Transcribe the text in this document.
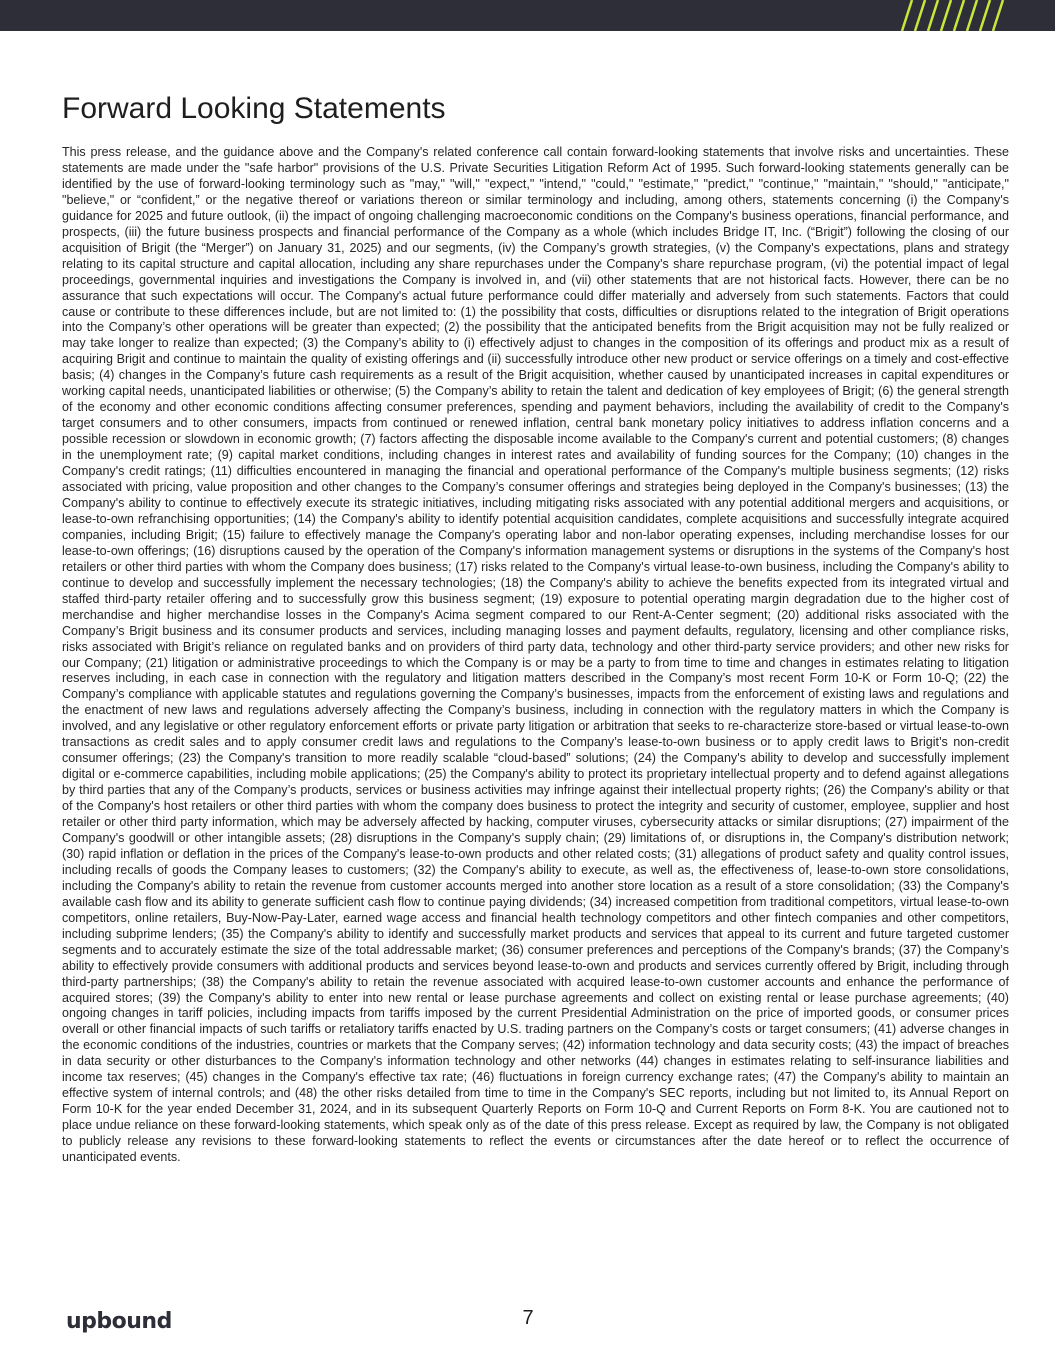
Forward Looking Statements

This press release, and the guidance above and the Company's related conference call contain forward-looking statements that involve risks and uncertainties. These statements are made under the "safe harbor" provisions of the U.S. Private Securities Litigation Reform Act of 1995. Such forward-looking statements generally can be identified by the use of forward-looking terminology such as "may," "will," "expect," "intend," "could," "estimate," "predict," "continue," "maintain," "should," "anticipate," "believe," or “confident,” or the negative thereof or variations thereon or similar terminology and including, among others, statements concerning (i) the Company's guidance for 2025 and future outlook, (ii) the impact of ongoing challenging macroeconomic conditions on the Company's business operations, financial performance, and prospects, (iii) the future business prospects and financial performance of the Company as a whole (which includes Bridge IT, Inc. (“Brigit”) following the closing of our acquisition of Brigit (the “Merger”) on January 31, 2025) and our segments, (iv) the Company’s growth strategies, (v) the Company's expectations, plans and strategy relating to its capital structure and capital allocation, including any share repurchases under the Company's share repurchase program, (vi) the potential impact of legal proceedings, governmental inquiries and investigations the Company is involved in, and (vii) other statements that are not historical facts. However, there can be no assurance that such expectations will occur. The Company's actual future performance could differ materially and adversely from such statements. Factors that could cause or contribute to these differences include, but are not limited to: (1) the possibility that costs, difficulties or disruptions related to the integration of Brigit operations into the Company’s other operations will be greater than expected; (2) the possibility that the anticipated benefits from the Brigit acquisition may not be fully realized or may take longer to realize than expected; (3) the Company’s ability to (i) effectively adjust to changes in the composition of its offerings and product mix as a result of acquiring Brigit and continue to maintain the quality of existing offerings and (ii) successfully introduce other new product or service offerings on a timely and cost-effective basis; (4) changes in the Company’s future cash requirements as a result of the Brigit acquisition, whether caused by unanticipated increases in capital expenditures or working capital needs, unanticipated liabilities or otherwise; (5) the Company’s ability to retain the talent and dedication of key employees of Brigit; (6) the general strength of the economy and other economic conditions affecting consumer preferences, spending and payment behaviors, including the availability of credit to the Company's target consumers and to other consumers, impacts from continued or renewed inflation, central bank monetary policy initiatives to address inflation concerns and a possible recession or slowdown in economic growth; (7) factors affecting the disposable income available to the Company's current and potential customers; (8) changes in the unemployment rate; (9) capital market conditions, including changes in interest rates and availability of funding sources for the Company; (10) changes in the Company's credit ratings; (11) difficulties encountered in managing the financial and operational performance of the Company's multiple business segments; (12) risks associated with pricing, value proposition and other changes to the Company’s consumer offerings and strategies being deployed in the Company's businesses; (13) the Company's ability to continue to effectively execute its strategic initiatives, including mitigating risks associated with any potential additional mergers and acquisitions, or lease-to-own refranchising opportunities; (14) the Company's ability to identify potential acquisition candidates, complete acquisitions and successfully integrate acquired companies, including Brigit; (15) failure to effectively manage the Company's operating labor and non-labor operating expenses, including merchandise losses for our lease-to-own offerings; (16) disruptions caused by the operation of the Company's information management systems or disruptions in the systems of the Company's host retailers or other third parties with whom the Company does business; (17) risks related to the Company's virtual lease-to-own business, including the Company's ability to continue to develop and successfully implement the necessary technologies; (18) the Company's ability to achieve the benefits expected from its integrated virtual and staffed third-party retailer offering and to successfully grow this business segment; (19) exposure to potential operating margin degradation due to the higher cost of merchandise and higher merchandise losses in the Company's Acima segment compared to our Rent-A-Center segment; (20) additional risks associated with the Company’s Brigit business and its consumer products and services, including managing losses and payment defaults, regulatory, licensing and other compliance risks, risks associated with Brigit’s reliance on regulated banks and on providers of third party data, technology and other third-party service providers; and other new risks for our Company; (21) litigation or administrative proceedings to which the Company is or may be a party to from time to time and changes in estimates relating to litigation reserves including, in each case in connection with the regulatory and litigation matters described in the Company’s most recent Form 10-K or Form 10-Q; (22) the Company’s compliance with applicable statutes and regulations governing the Company’s businesses, impacts from the enforcement of existing laws and regulations and the enactment of new laws and regulations adversely affecting the Company’s business, including in connection with the regulatory matters in which the Company is involved, and any legislative or other regulatory enforcement efforts or private party litigation or arbitration that seeks to re-characterize store-based or virtual lease-to-own transactions as credit sales and to apply consumer credit laws and regulations to the Company’s lease-to-own business or to apply credit laws to Brigit’s non-credit consumer offerings; (23) the Company's transition to more readily scalable “cloud-based” solutions; (24) the Company's ability to develop and successfully implement digital or e-commerce capabilities, including mobile applications; (25) the Company's ability to protect its proprietary intellectual property and to defend against allegations by third parties that any of the Company’s products, services or business activities may infringe against their intellectual property rights; (26) the Company's ability or that of the Company's host retailers or other third parties with whom the company does business to protect the integrity and security of customer, employee, supplier and host retailer or other third party information, which may be adversely affected by hacking, computer viruses, cybersecurity attacks or similar disruptions; (27) impairment of the Company's goodwill or other intangible assets; (28) disruptions in the Company's supply chain; (29) limitations of, or disruptions in, the Company's distribution network; (30) rapid inflation or deflation in the prices of the Company's lease-to-own products and other related costs; (31) allegations of product safety and quality control issues, including recalls of goods the Company leases to customers; (32) the Company's ability to execute, as well as, the effectiveness of, lease-to-own store consolidations, including the Company's ability to retain the revenue from customer accounts merged into another store location as a result of a store consolidation; (33) the Company's available cash flow and its ability to generate sufficient cash flow to continue paying dividends; (34) increased competition from traditional competitors, virtual lease-to-own competitors, online retailers, Buy-Now-Pay-Later, earned wage access and financial health technology competitors and other fintech companies and other competitors, including subprime lenders; (35) the Company's ability to identify and successfully market products and services that appeal to its current and future targeted customer segments and to accurately estimate the size of the total addressable market; (36) consumer preferences and perceptions of the Company's brands; (37) the Company’s ability to effectively provide consumers with additional products and services beyond lease-to-own and products and services currently offered by Brigit, including through third-party partnerships; (38) the Company's ability to retain the revenue associated with acquired lease-to-own customer accounts and enhance the performance of acquired stores; (39) the Company's ability to enter into new rental or lease purchase agreements and collect on existing rental or lease purchase agreements; (40) ongoing changes in tariff policies, including impacts from tariffs imposed by the current Presidential Administration on the price of imported goods, or consumer prices overall or other financial impacts of such tariffs or retaliatory tariffs enacted by U.S. trading partners on the Company’s costs or target consumers; (41) adverse changes in the economic conditions of the industries, countries or markets that the Company serves; (42) information technology and data security costs; (43) the impact of breaches in data security or other disturbances to the Company's information technology and other networks (44) changes in estimates relating to self-insurance liabilities and income tax reserves; (45) changes in the Company's effective tax rate; (46) fluctuations in foreign currency exchange rates; (47) the Company's ability to maintain an effective system of internal controls; and (48) the other risks detailed from time to time in the Company's SEC reports, including but not limited to, its Annual Report on Form 10-K for the year ended December 31, 2024, and in its subsequent Quarterly Reports on Form 10-Q and Current Reports on Form 8-K. You are cautioned not to place undue reliance on these forward-looking statements, which speak only as of the date of this press release. Except as required by law, the Company is not obligated to publicly release any revisions to these forward-looking statements to reflect the events or circumstances after the date hereof or to reflect the occurrence of unanticipated events.

upbound	7
